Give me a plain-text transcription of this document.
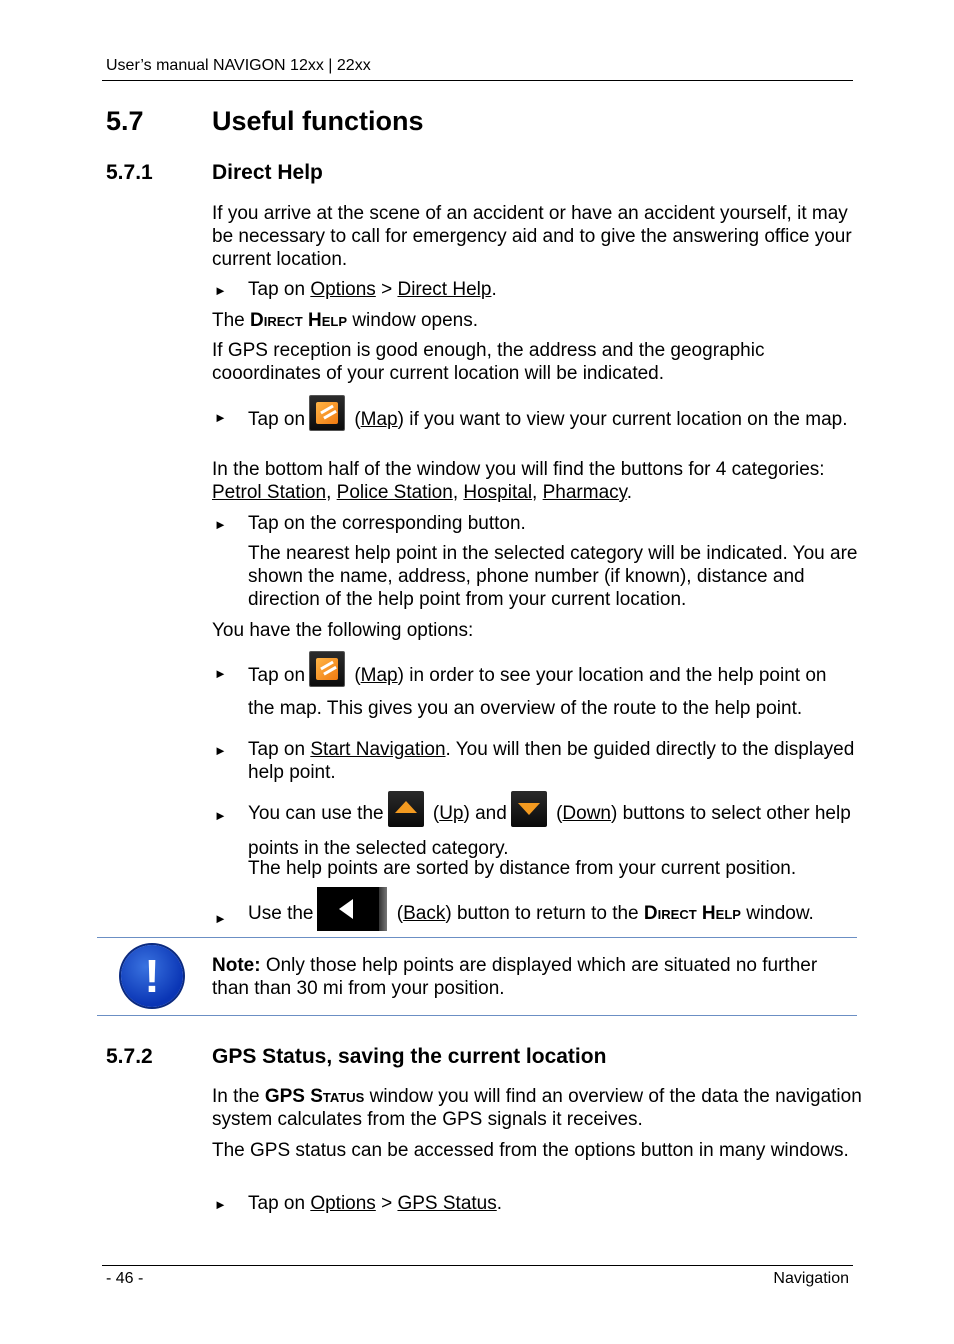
User’s manual NAVIGON 12xx | 22xx
5.7	Useful functions
5.7.1	Direct Help
If you arrive at the scene of an accident or have an accident yourself, it may be necessary to call for emergency aid and to give the answering office your current location.
► Tap on Options > Direct Help.
The Direct Help window opens.
If GPS reception is good enough, the address and the geographic cooordinates of your current location will be indicated.
► Tap on (Map) if you want to view your current location on the map.
In the bottom half of the window you will find the buttons for 4 categories: Petrol Station, Police Station, Hospital, Pharmacy.
► Tap on the corresponding button.
The nearest help point in the selected category will be indicated. You are shown the name, address, phone number (if known), distance and direction of the help point from your current location.
You have the following options:
► Tap on (Map) in order to see your location and the help point on the map. This gives you an overview of the route to the help point.
► Tap on Start Navigation. You will then be guided directly to the displayed help point.
► You can use the (Up) and (Down) buttons to select other help points in the selected category.
The help points are sorted by distance from your current position.
► Use the	(Back) button to return to the Direct Help window.
!	Note: Only those help points are displayed which are situated no further than than 30 mi from your position.
5.7.2	GPS Status, saving the current location
In the GPS Status window you will find an overview of the data the navigation system calculates from the GPS signals it receives.
The GPS status can be accessed from the options button in many windows.
► Tap on Options > GPS Status.
- 46 -	Navigation
